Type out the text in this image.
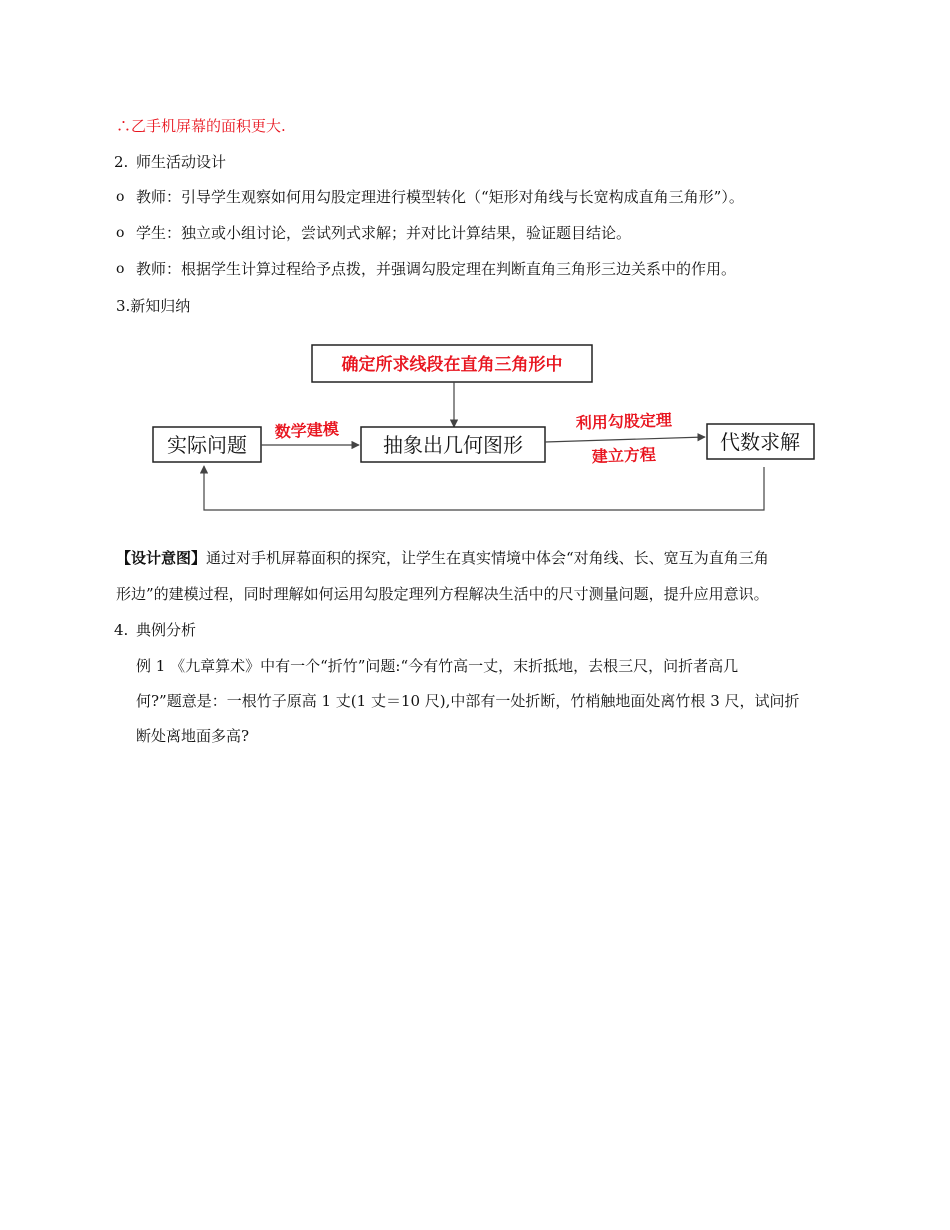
∴乙手机屏幕的面积更大.
2. 师生活动设计
o 教师：引导学生观察如何用勾股定理进行模型转化（“矩形对角线与长宽构成直角三角形”）。
o 学生：独立或小组讨论，尝试列式求解；并对比计算结果，验证题目结论。
o 教师：根据学生计算过程给予点拨，并强调勾股定理在判断直角三角形三边关系中的作用。
3.新知归纳
确定所求线段在直角三角形中
实际问题
数学建模
抽象出几何图形
利用勾股定理
建立方程
代数求解
【设计意图】通过对手机屏幕面积的探究，让学生在真实情境中体会“对角线、长、宽互为直角三角
形边”的建模过程，同时理解如何运用勾股定理列方程解决生活中的尺寸测量问题，提升应用意识。
4. 典例分析
例 1 《九章算术》中有一个“折竹”问题:“今有竹高一丈，末折抵地，去根三尺，问折者高几
何?”题意是：一根竹子原高 1 丈(1 丈＝10 尺),中部有一处折断，竹梢触地面处离竹根 3 尺，试问折
断处离地面多高?
